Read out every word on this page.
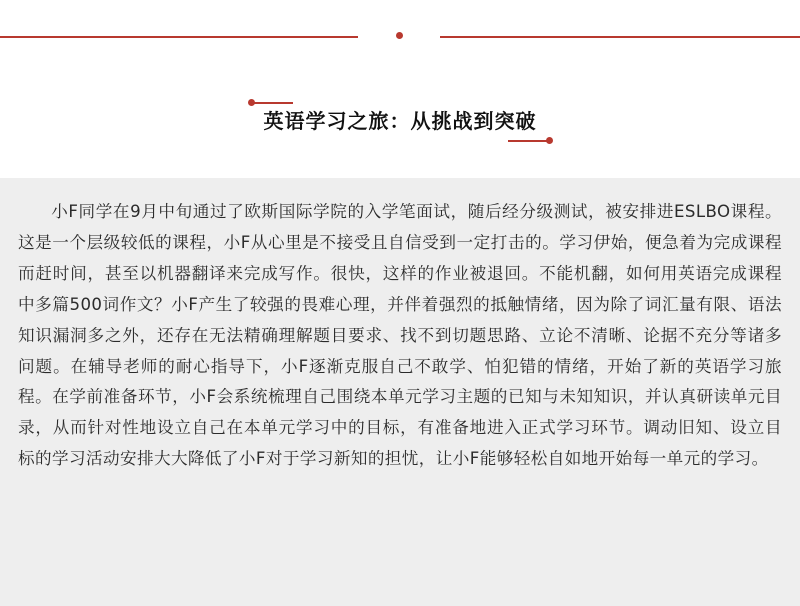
英语学习之旅：从挑战到突破

小F同学在9月中旬通过了欧斯国际学院的入学笔面试，随后经分级测试，被安排进ESLBO课程。这是一个层级较低的课程，小F从心里是不接受且自信受到一定打击的。学习伊始，便急着为完成课程而赶时间，甚至以机器翻译来完成写作。很快，这样的作业被退回。不能机翻，如何用英语完成课程中多篇500词作文？小F产生了较强的畏难心理，并伴着强烈的抵触情绪，因为除了词汇量有限、语法知识漏洞多之外，还存在无法精确理解题目要求、找不到切题思路、立论不清晰、论据不充分等诸多问题。在辅导老师的耐心指导下，小F逐渐克服自己不敢学、怕犯错的情绪，开始了新的英语学习旅程。在学前准备环节，小F会系统梳理自己围绕本单元学习主题的已知与未知知识，并认真研读单元目录，从而针对性地设立自己在本单元学习中的目标，有准备地进入正式学习环节。调动旧知、设立目标的学习活动安排大大降低了小F对于学习新知的担忧，让小F能够轻松自如地开始每一单元的学习。
